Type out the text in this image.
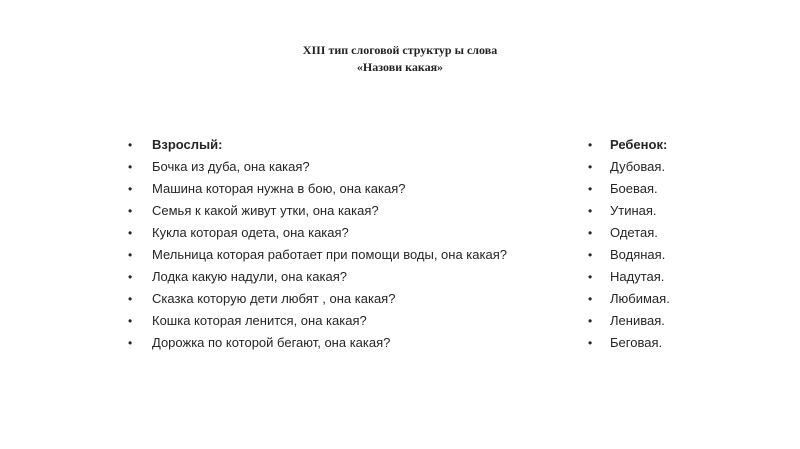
XIII тип слоговой структур ы слова
«Назови какая»
•	Взрослый:
•	Бочка из дуба, она какая?
•	Машина которая нужна в бою, она какая?
•	Семья к какой живут утки, она какая?
•	Кукла которая одета, она какая?
•	Мельница которая работает при помощи воды, она какая?
•	Лодка какую надули, она какая?
•	Сказка которую дети любят , она какая?
•	Кошка которая ленится, она какая?
•	Дорожка по которой бегают, она какая?
•	Ребенок:
•	Дубовая.
•	Боевая.
•	Утиная.
•	Одетая.
•	Водяная.
•	Надутая.
•	Любимая.
•	Ленивая.
•	Беговая.
